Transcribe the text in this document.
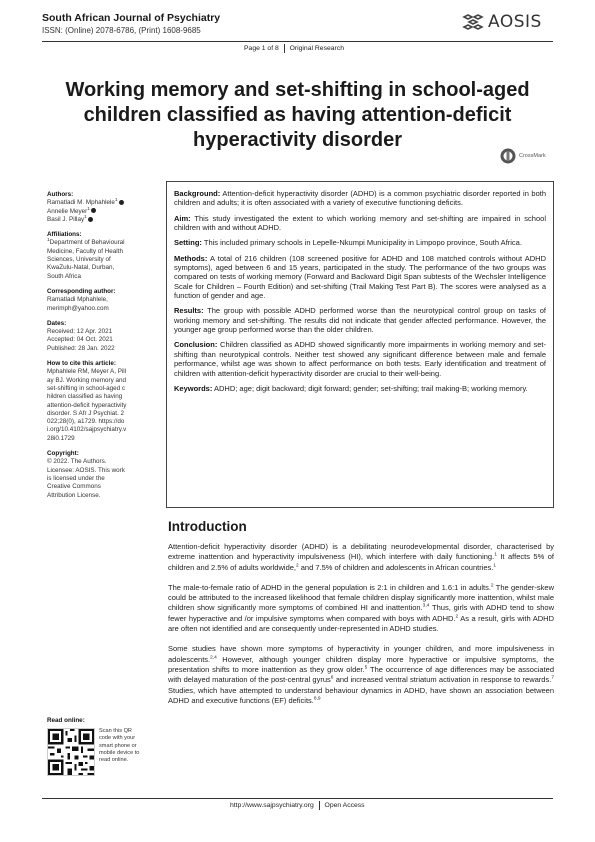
South African Journal of Psychiatry
ISSN: (Online) 2078-6786, (Print) 1608-9685	AOSIS
Page 1 of 8 Original Research
Working memory and set-shifting in school-aged children classified as having attention-deficit hyperactivity disorder
CrossMark
Authors:
Ramatladi M. Mphahlele$^1$
Annelie Meyer$^1$
Basil J. Pillay$^1$
Affiliations:
$^1$Department of Behavioural Medicine, Faculty of Health Sciences, University of KwaZulu-Natal, Durban, South Africa
Corresponding author:
Ramatladi Mphahlele,
merimph@yahoo.com
Dates:
Received: 12 Apr. 2021
Accepted: 04 Oct. 2021
Published: 28 Jan. 2022
How to cite this article:
Mphahlele RM, Meyer A, Pillay BJ. Working memory and set-shifting in school-aged children classified as having attention-deficit hyperactivity disorder. S Afr J Psychiat. 2022;28(0), a1729. https://doi.org/10.4102/sajpsychiatry.v28i0.1729
Copyright:
© 2022. The Authors. Licensee: AOSIS. This work is licensed under the Creative Commons Attribution License.
Read online:
Scan this QR code with your smart phone or mobile device to read online.

Background: Attention-deficit hyperactivity disorder (ADHD) is a common psychiatric disorder reported in both children and adults; it is often associated with a variety of executive functioning deficits.

Aim: This study investigated the extent to which working memory and set-shifting are impaired in school children with and without ADHD.

Setting: This included primary schools in Lepelle-Nkumpi Municipality in Limpopo province, South Africa.

Methods: A total of 216 children (108 screened positive for ADHD and 108 matched controls without ADHD symptoms), aged between 6 and 15 years, participated in the study. The performance of the two groups was compared on tests of working memory (Forward and Backward Digit Span subtests of the Wechsler Intelligence Scale for Children – Fourth Edition) and set-shifting (Trail Making Test Part B). The scores were analysed as a function of gender and age.

Results: The group with possible ADHD performed worse than the neurotypical control group on tasks of working memory and set-shifting. The results did not indicate that gender affected performance. However, the younger age group performed worse than the older children.

Conclusion: Children classified as ADHD showed significantly more impairments in working memory and set-shifting than neurotypical controls. Neither test showed any significant difference between male and female performance, whilst age was shown to affect performance on both tests. Early identification and treatment of children with attention-deficit hyperactivity disorder are crucial to their well-being.

Keywords: ADHD; age; digit backward; digit forward; gender; set-shifting; trail making-B; working memory.

Introduction

Attention-deficit hyperactivity disorder (ADHD) is a debilitating neurodevelopmental disorder, characterised by extreme inattention and hyperactivity impulsiveness (HI), which interfere with daily functioning.$^1$ It affects 5% of children and 2.5% of adults worldwide,$^2$ and 7.5% of children and adolescents in African countries.$^1$

The male-to-female ratio of ADHD in the general population is 2:1 in children and 1.6:1 in adults.$^2$ The gender-skew could be attributed to the increased likelihood that female children display significantly more inattention, whilst male children show significantly more symptoms of combined HI and inattention.$^{3,4}$ Thus, girls with ADHD tend to show fewer hyperactive and /or impulsive symptoms when compared with boys with ADHD.$^2$ As a result, girls with ADHD are often not identified and are consequently under-represented in ADHD studies.

Some studies have shown more symptoms of hyperactivity in younger children, and more impulsiveness in adolescents.$^{2,4}$ However, although younger children display more hyperactive or impulsive symptoms, the presentation shifts to more inattention as they grow older.$^5$ The occurrence of age differences may be associated with delayed maturation of the post-central gyrus$^6$ and increased ventral striatum activation in response to rewards.$^7$ Studies, which have attempted to understand behaviour dynamics in ADHD, have shown an association between ADHD and executive functions (EF) deficits.$^{8,9}$

http://www.sajpsychiatry.org Open Access
